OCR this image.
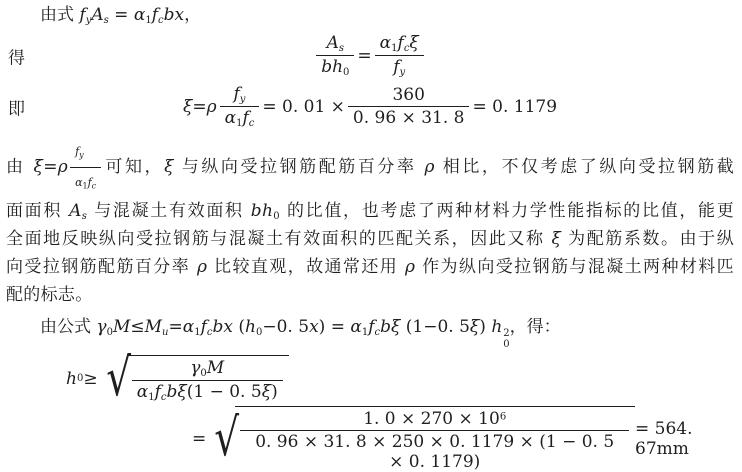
由式 $f_yA_s = \alpha_1f_cbx$，
得	$\frac{A_s}{bh_0} = \frac{\alpha_1f_c\xi}{f_y}$
即	ξ = ρ $\frac{f_y}{\alpha_1f_c} = 0$. $01 \times \frac{360}{0. 96 \times 31. 8} = 0$. 1179
由 $\xi=\rho \frac{f_y}{\alpha_1f_c}$ 可知，ξ 与纵向受拉钢筋配筋百分率 ρ 相比，不仅考虑了纵向受拉钢筋截
面面积 $A_s$ 与混凝土有效面积 $bh_0$ 的比值，也考虑了两种材料力学性能指标的比值，能更
全面地反映纵向受拉钢筋与混凝土有效面积的匹配关系，因此又称 ξ 为配筋系数。由于纵
向受拉钢筋配筋百分率 ρ 比较直观，故通常还用 ρ 作为纵向受拉钢筋与混凝土两种材料匹
配的标志。
由公式 $\gamma_0M\le M_u=\alpha_1f_cbx$ ($h_0-0$. $5x) = \alpha_1f_cb\xi$ (1−0. 5ξ) h 2
0
，得：
h 0 ≥ √ $\frac{\gamma_0M}{\alpha_1f_cb\xi(1 - 0. 5\xi)}$
= √ $\frac{1. 0 \times 270 \times 10^6}{0. 96 \times 31. 8 \times 250 \times 0. 1179 \times (1 - 0. 5 \times 0. 1179)} = 564$. 67mm
